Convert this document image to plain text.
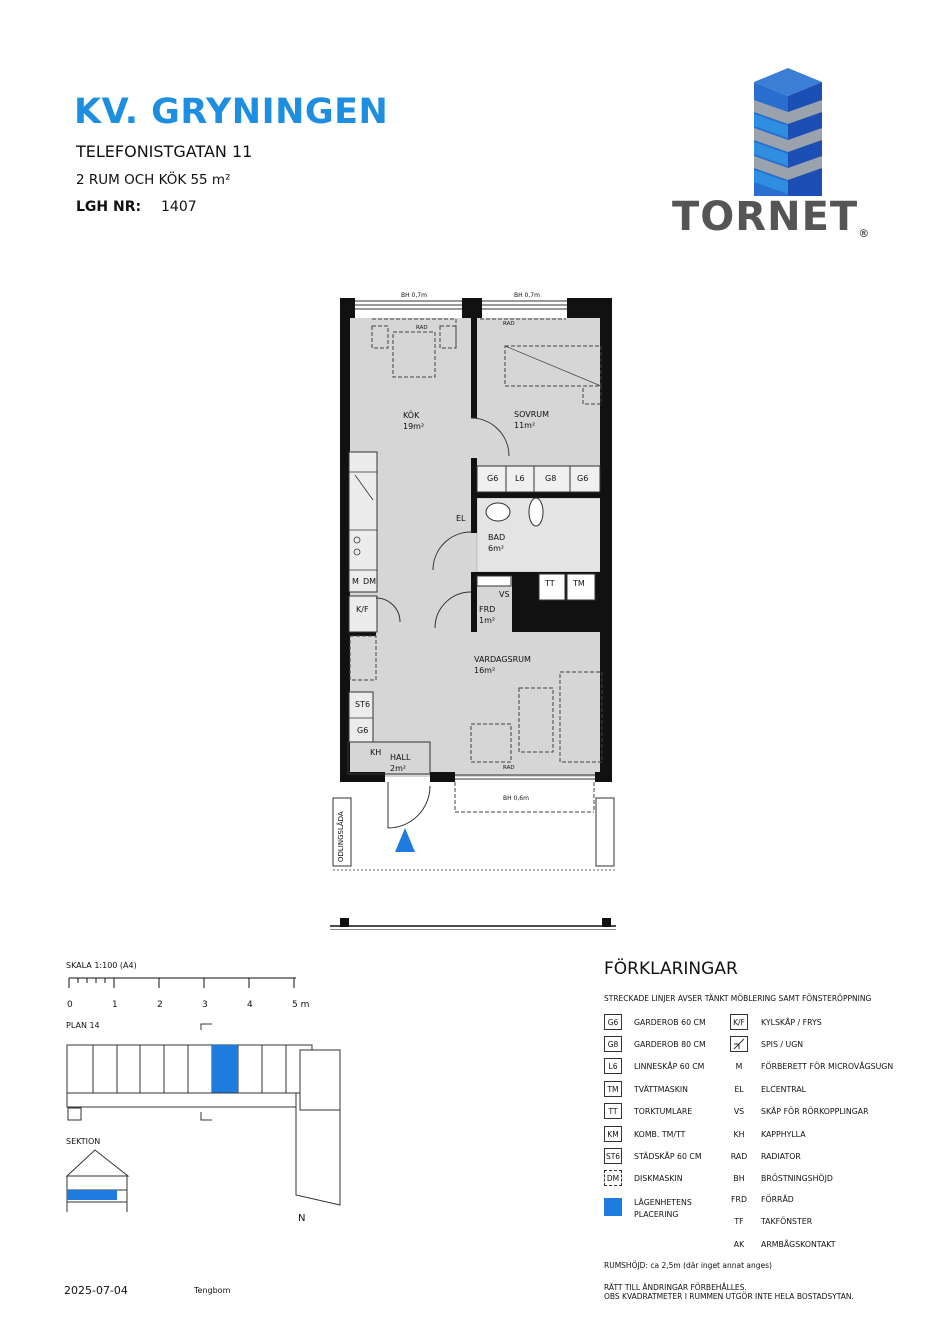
KV. GRYNINGEN
TELEFONISTGATAN 11
2 RUM OCH KÖK 55 m²
LGH NR: 1407	TORNET®
BH 0,7m	BH 0,7m
BH 0,6m
RAD
RAD
RAD
KÖK
19m²
SOVRUM
11m²
BAD
6m²
FRD
1m²
VARDAGSRUM
16m²
HALL
2m²
G6 L6	G8	G6
EL
VS
TT TM
M DM
K/F
ST6
G6
KH
ODLINGSLÅDA
SKALA 1:100 (A4)
0	1	2	3	4	5 m
PLAN 14
SEKTION
N
2025-07-04	Tengbom
FÖRKLARINGAR
STRECKADE LINJER AVSER TÄNKT MÖBLERING SAMT FÖNSTERÖPPNING
G6	GARDEROB 60 CM
G8	GARDEROB 80 CM
L6	LINNESKÅP 60 CM
TM	TVÄTTMASKIN
TT	TORKTUMLARE
KM	KOMB. TM/TT
ST6 STÄDSKÅP 60 CM
DM	DISKMASKIN
LÄGENHETENS
PLACERING
K/F	KYLSKÅP / FRYS
SPIS / UGN
M	FÖRBERETT FÖR MICROVÅGSUGN
EL	ELCENTRAL
VS	SKÅP FÖR RÖRKOPPLINGAR
KH	KAPPHYLLA
RAD	RADIATOR
BH	BRÖSTNINGSHÖJD
FRD	FÖRRÅD
TF	TAKFÖNSTER
AK	ARMBÅGSKONTAKT
RUMSHÖJD: ca 2,5m (där inget annat anges)
RÄTT TILL ÄNDRINGAR FÖRBEHÅLLES.
OBS KVADRATMETER I RUMMEN UTGÖR INTE HELA BOSTADSYTAN.
